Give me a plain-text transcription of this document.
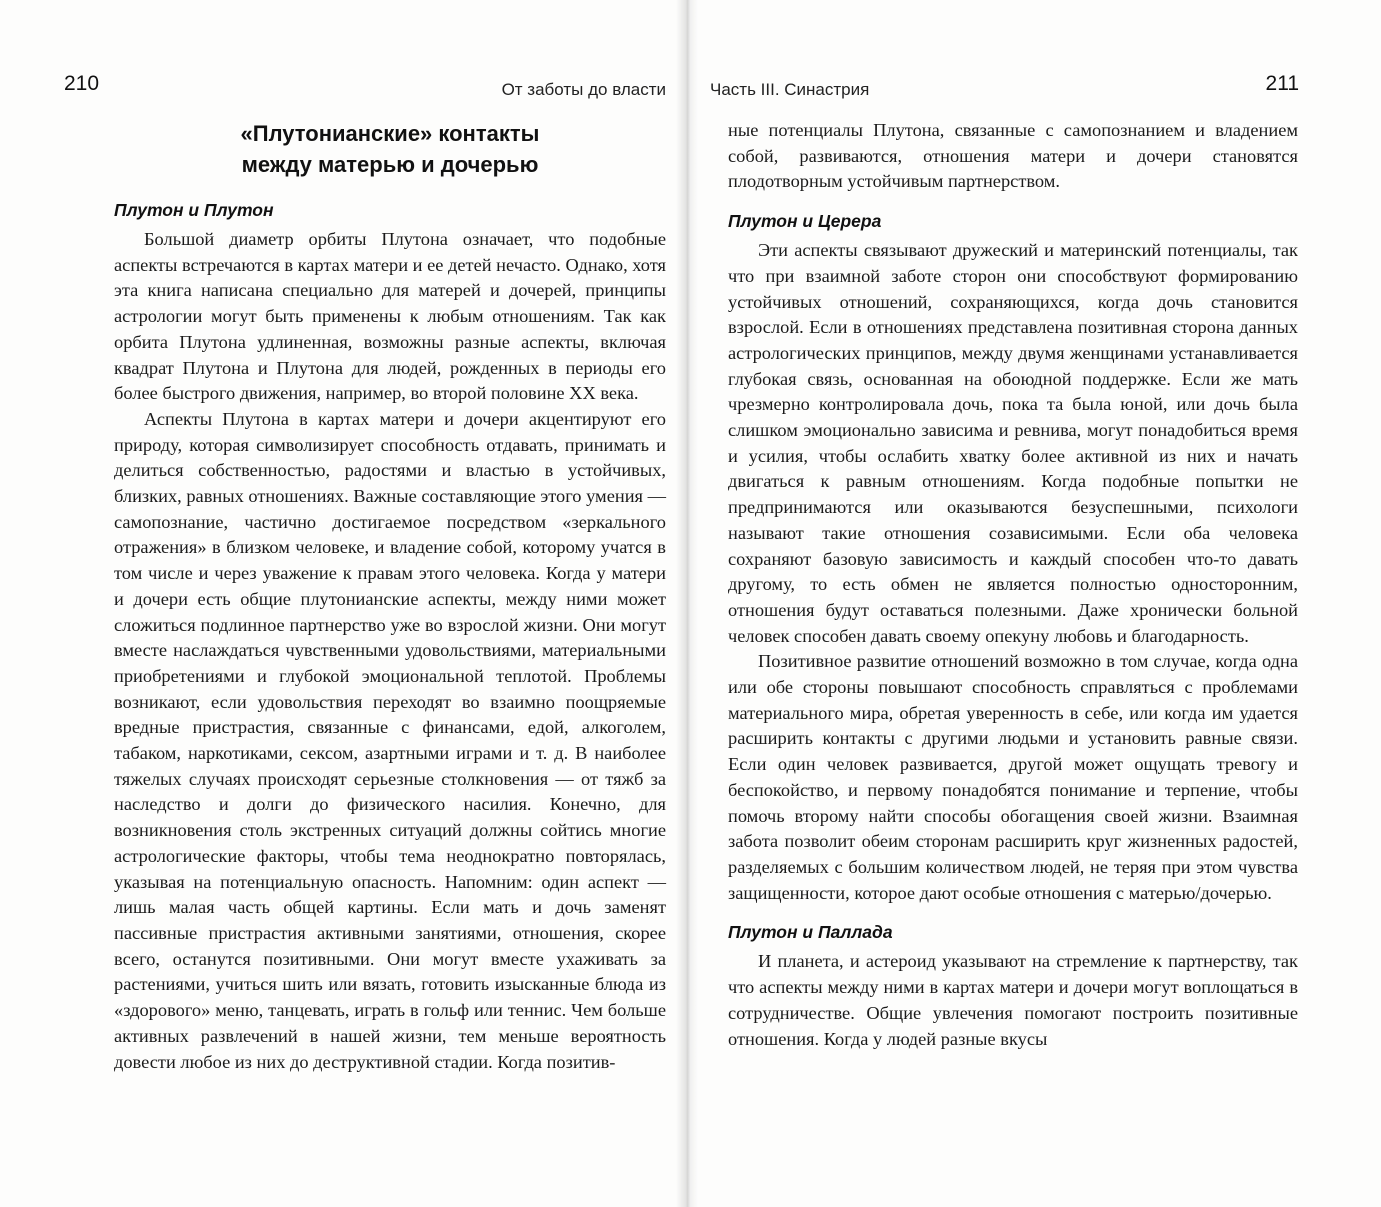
210	От заботы до власти
«Плутонианские» контакты
между матерью и дочерью
Плутон и Плутон

Большой диаметр орбиты Плутона означает, что подобные аспекты встречаются в картах матери и ее детей нечасто. Однако, хотя эта книга написана специально для матерей и дочерей, принципы астрологии могут быть применены к любым отношениям. Так как орбита Плутона удлиненная, возможны разные аспекты, включая квадрат Плутона и Плутона для людей, рожденных в периоды его более быстрого движения, например, во второй половине XX века.

Аспекты Плутона в картах матери и дочери акцентируют его природу, которая символизирует способность отдавать, принимать и делиться собственностью, радостями и властью в устойчивых, близких, равных отношениях. Важные составляющие этого умения — самопознание, частично достигаемое посредством «зеркального отражения» в близком человеке, и владение собой, которому учатся в том числе и через уважение к правам этого человека. Когда у матери и дочери есть общие плутонианские аспекты, между ними может сложиться подлинное партнерство уже во взрослой жизни. Они могут вместе наслаждаться чувственными удовольствиями, материальными приобретениями и глубокой эмоциональной теплотой. Проблемы возникают, если удовольствия переходят во взаимно поощряемые вредные пристрастия, связанные с финансами, едой, алкоголем, табаком, наркотиками, сексом, азартными играми и т. д. В наиболее тяжелых случаях происходят серьезные столкновения — от тяжб за наследство и долги до физического насилия. Конечно, для возникновения столь экстренных ситуаций должны сойтись многие астрологические факторы, чтобы тема неоднократно повторялась, указывая на потенциальную опасность. Напомним: один аспект — лишь малая часть общей картины. Если мать и дочь заменят пассивные пристрастия активными занятиями, отношения, скорее всего, останутся позитивными. Они могут вместе ухаживать за растениями, учиться шить или вязать, готовить изысканные блюда из «здорового» меню, танцевать, играть в гольф или теннис. Чем больше активных развлечений в нашей жизни, тем меньше вероятность довести любое из них до деструктивной стадии. Когда позитив-

Часть III. Синастрия	211

ные потенциалы Плутона, связанные с самопознанием и владением собой, развиваются, отношения матери и дочери становятся плодотворным устойчивым партнерством.

Плутон и Церера

Эти аспекты связывают дружеский и материнский потенциалы, так что при взаимной заботе сторон они способствуют формированию устойчивых отношений, сохраняющихся, когда дочь становится взрослой. Если в отношениях представлена позитивная сторона данных астрологических принципов, между двумя женщинами устанавливается глубокая связь, основанная на обоюдной поддержке. Если же мать чрезмерно контролировала дочь, пока та была юной, или дочь была слишком эмоционально зависима и ревнива, могут понадобиться время и усилия, чтобы ослабить хватку более активной из них и начать двигаться к равным отношениям. Когда подобные попытки не предпринимаются или оказываются безуспешными, психологи называют такие отношения созависимыми. Если оба человека сохраняют базовую зависимость и каждый способен что-то давать другому, то есть обмен не является полностью односторонним, отношения будут оставаться полезными. Даже хронически больной человек способен давать своему опекуну любовь и благодарность.

Позитивное развитие отношений возможно в том случае, когда одна или обе стороны повышают способность справляться с проблемами материального мира, обретая уверенность в себе, или когда им удается расширить контакты с другими людьми и установить равные связи. Если один человек развивается, другой может ощущать тревогу и беспокойство, и первому понадобятся понимание и терпение, чтобы помочь второму найти способы обогащения своей жизни. Взаимная забота позволит обеим сторонам расширить круг жизненных радостей, разделяемых с большим количеством людей, не теряя при этом чувства защищенности, которое дают особые отношения с матерью/дочерью.

Плутон и Паллада

И планета, и астероид указывают на стремление к партнерству, так что аспекты между ними в картах матери и дочери могут воплощаться в сотрудничестве. Общие увлечения помогают построить позитивные отношения. Когда у людей разные вкусы
